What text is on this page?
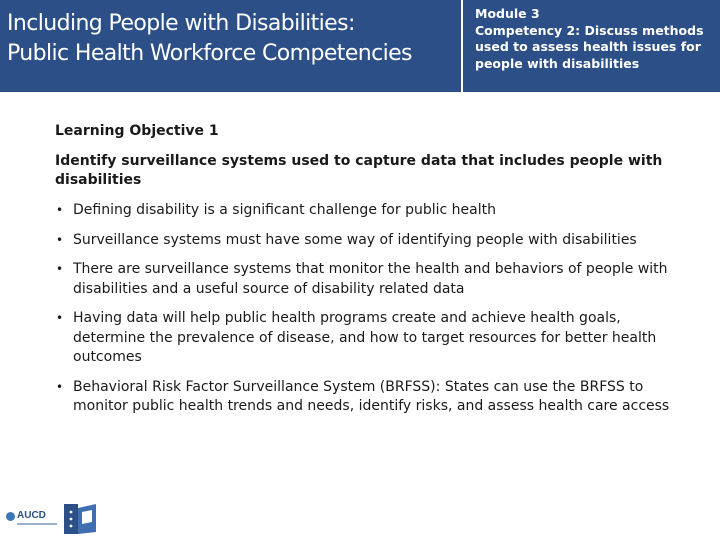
Including People with Disabilities:
Public Health Workforce Competencies
Module 3
Competency 2: Discuss methods
used to assess health issues for
people with disabilities

Learning Objective 1

Identify surveillance systems used to capture data that includes people with disabilities

• Defining disability is a significant challenge for public health
• Surveillance systems must have some way of identifying people with disabilities
• There are surveillance systems that monitor the health and behaviors of people with disabilities and a useful source of disability related data
• Having data will help public health programs create and achieve health goals, determine the prevalence of disease, and how to target resources for better health outcomes
• Behavioral Risk Factor Surveillance System (BRFSS): States can use the BRFSS to monitor public health trends and needs, identify risks, and assess health care access
AUCD
